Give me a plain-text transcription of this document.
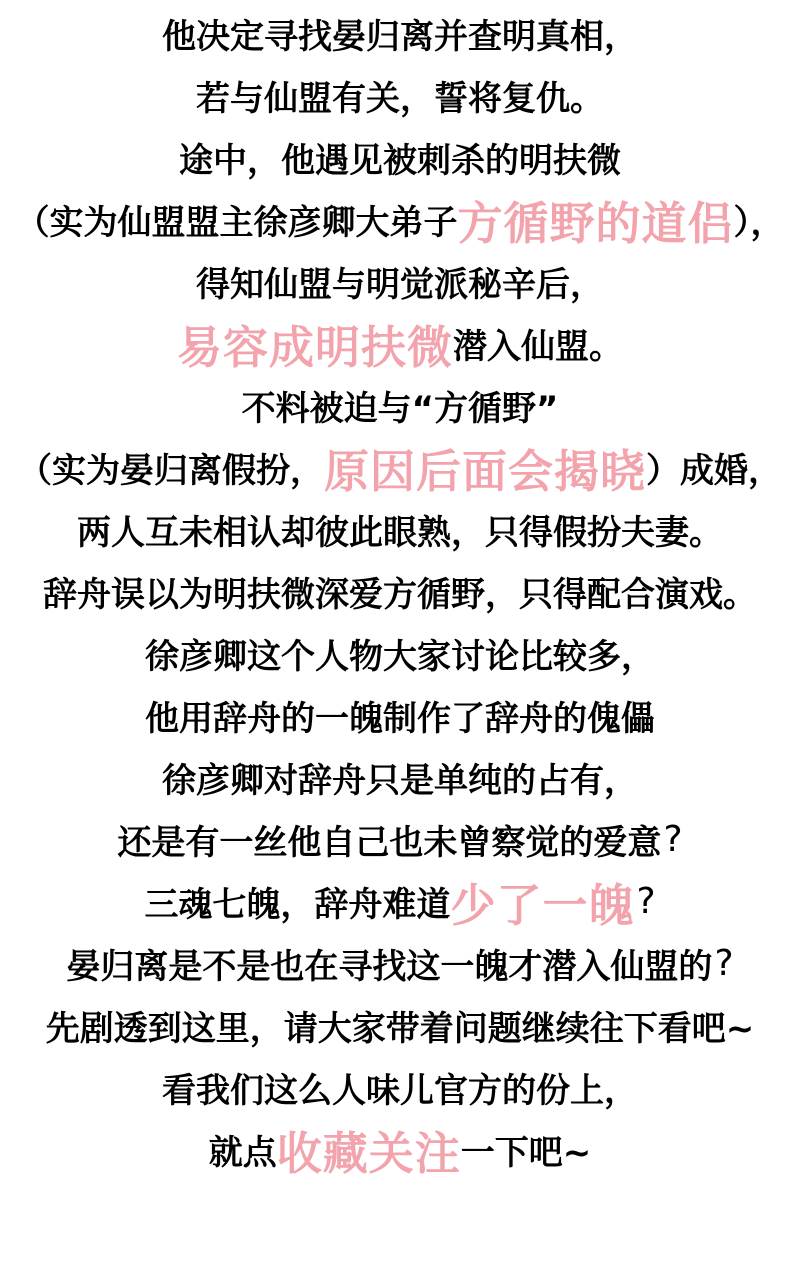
他决定寻找晏归离并查明真相，
若与仙盟有关，誓将复仇。
途中，他遇见被刺杀的明扶微
（实为仙盟盟主徐彦卿大弟子 方循野的道侣 ），
得知仙盟与明觉派秘辛后，
易容成明扶微 潜入仙盟。
不料被迫与“方循野”
（实为晏归离假扮， 原因后面会揭晓 ）成婚，
两人互未相认却彼此眼熟，只得假扮夫妻。
辞舟误以为明扶微深爱方循野，只得配合演戏。
徐彦卿这个人物大家讨论比较多，
他用辞舟的一魄制作了辞舟的傀儡
徐彦卿对辞舟只是单纯的占有，
还是有一丝他自己也未曾察觉的爱意 ?
三魂七魄，辞舟难道 少了一魄 ?
晏归离是不是也在寻找这一魄才潜入仙盟的 ?
先剧透到这里，请大家带着问题继续往下看吧~
看我们这么人味儿官方的份上，
就点 收藏关注 一下吧~
